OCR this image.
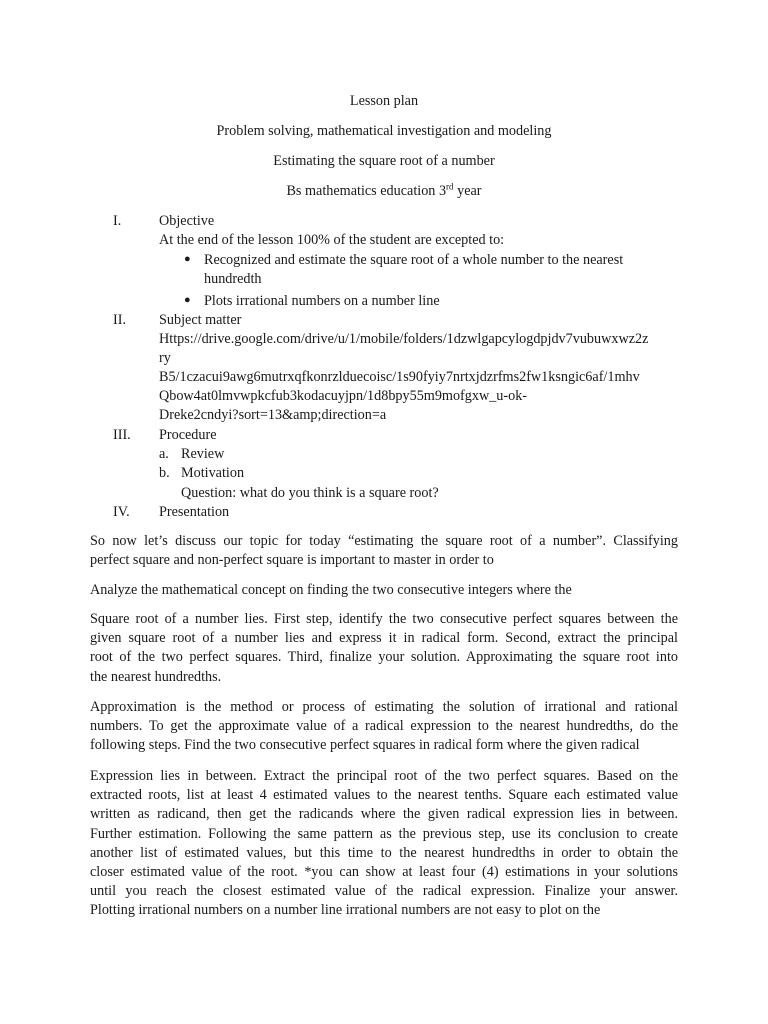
Lesson plan
Problem solving, mathematical investigation and modeling
Estimating the square root of a number
Bs mathematics education 3rd year
I.	Objective
At the end of the lesson 100% of the student are excepted to:
● Recognized and estimate the square root of a whole number to the nearest
hundredth
● Plots irrational numbers on a number line
II. Subject matter
Https://drive.google.com/drive/u/1/mobile/folders/1dzwlgapcylogdpjdv7vubuwxwz2z
ry
B5/1czacui9awg6mutrxqfkonrzlduecoisc/1s90fyiy7nrtxjdzrfms2fw1ksngic6af/1mhv
Qbow4at0lmvwpkcfub3kodacuyjpn/1d8bpy55m9mofgxw_u-ok-
Dreke2cndyi?sort=13&amp;direction=a
III. Procedure
a. Review
b. Motivation
Question: what do you think is a square root?
IV. Presentation
So now let’s discuss our topic for today “estimating the square root of a number”. Classifying
perfect square and non-perfect square is important to master in order to
Analyze the mathematical concept on finding the two consecutive integers where the
Square root of a number lies. First step, identify the two consecutive perfect squares between the
given square root of a number lies and express it in radical form. Second, extract the principal
root of the two perfect squares. Third, finalize your solution. Approximating the square root into
the nearest hundredths.
Approximation is the method or process of estimating the solution of irrational and rational
numbers. To get the approximate value of a radical expression to the nearest hundredths, do the
following steps. Find the two consecutive perfect squares in radical form where the given radical
Expression lies in between. Extract the principal root of the two perfect squares. Based on the
extracted roots, list at least 4 estimated values to the nearest tenths. Square each estimated value
written as radicand, then get the radicands where the given radical expression lies in between.
Further estimation. Following the same pattern as the previous step, use its conclusion to create
another list of estimated values, but this time to the nearest hundredths in order to obtain the
closer estimated value of the root. *you can show at least four (4) estimations in your solutions
until you reach the closest estimated value of the radical expression. Finalize your answer.
Plotting irrational numbers on a number line irrational numbers are not easy to plot on the
